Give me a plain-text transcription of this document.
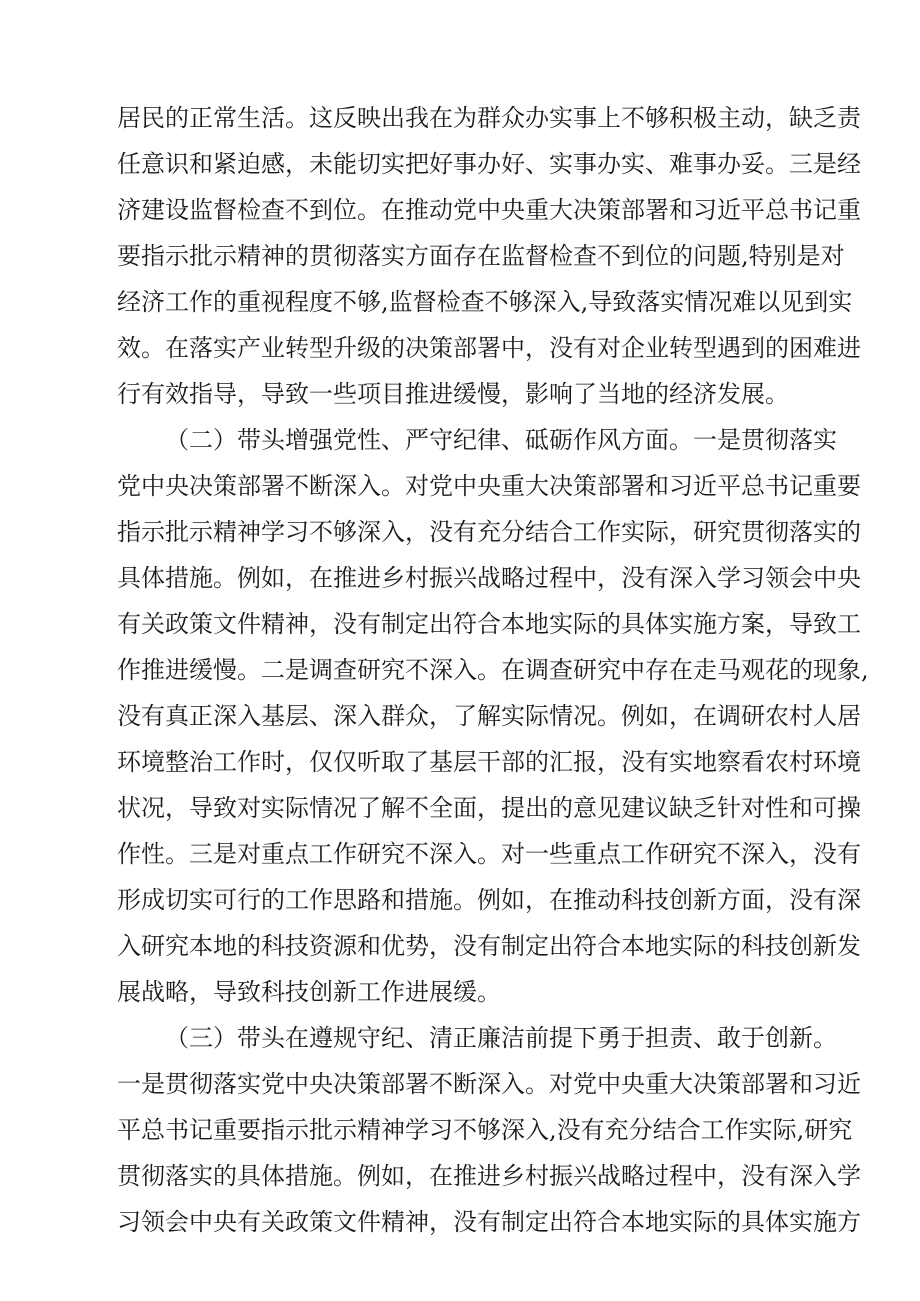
居民的正常生活。这反映出我在为群众办实事上不够积极主动，缺乏责
任意识和紧迫感，未能切实把好事办好、实事办实、难事办妥。三是经
济建设监督检查不到位。在推动党中央重大决策部署和习近平总书记重
要指示批示精神的贯彻落实方面存在监督检查不到位的问题,特别是对
经济工作的重视程度不够,监督检查不够深入,导致落实情况难以见到实
效。在落实产业转型升级的决策部署中，没有对企业转型遇到的困难进
行有效指导，导致一些项目推进缓慢，影响了当地的经济发展。
（二）带头增强党性、严守纪律、砥砺作风方面。一是贯彻落实
党中央决策部署不断深入。对党中央重大决策部署和习近平总书记重要
指示批示精神学习不够深入，没有充分结合工作实际，研究贯彻落实的
具体措施。例如，在推进乡村振兴战略过程中，没有深入学习领会中央
有关政策文件精神，没有制定出符合本地实际的具体实施方案，导致工
作推进缓慢。二是调查研究不深入。在调查研究中存在走马观花的现象,
没有真正深入基层、深入群众，了解实际情况。例如，在调研农村人居
环境整治工作时，仅仅听取了基层干部的汇报，没有实地察看农村环境
状况，导致对实际情况了解不全面，提出的意见建议缺乏针对性和可操
作性。三是对重点工作研究不深入。对一些重点工作研究不深入，没有
形成切实可行的工作思路和措施。例如，在推动科技创新方面，没有深
入研究本地的科技资源和优势，没有制定出符合本地实际的科技创新发
展战略，导致科技创新工作进展缓。
（三）带头在遵规守纪、清正廉洁前提下勇于担责、敢于创新。
一是贯彻落实党中央决策部署不断深入。对党中央重大决策部署和习近
平总书记重要指示批示精神学习不够深入,没有充分结合工作实际,研究
贯彻落实的具体措施。例如，在推进乡村振兴战略过程中，没有深入学
习领会中央有关政策文件精神，没有制定出符合本地实际的具体实施方
